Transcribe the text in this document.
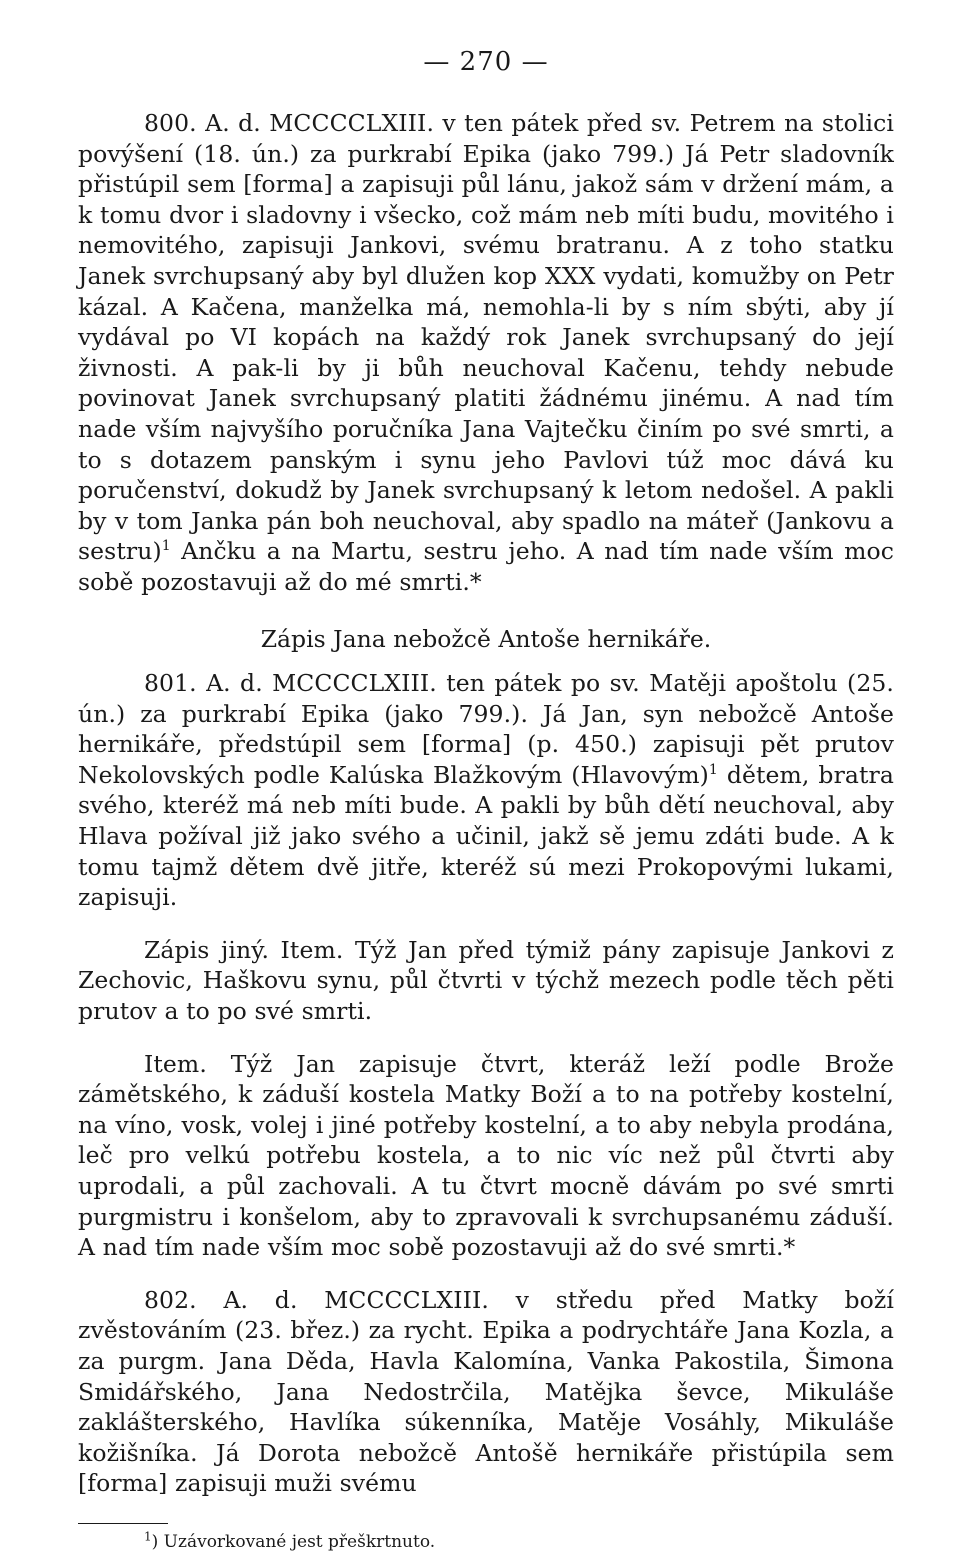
— 270 —

800. A. d. MCCCCLXIII. v ten pátek před sv. Petrem na stolici povýšení (18. ún.) za purkrabí Epika (jako 799.) Já Petr sladovník přistúpil sem [forma] a zapisuji půl lánu, jakož sám v držení mám, a k tomu dvor i sladovny i všecko, což mám neb míti budu, movitého i nemovitého, zapisuji Jankovi, svému bratranu. A z toho statku Janek svrchupsaný aby byl dlužen kop XXX vydati, komužby on Petr kázal. A Kačena, manželka má, nemohla-li by s ním sbýti, aby jí vydával po VI kopách na každý rok Janek svrchupsaný do její živnosti. A pak-li by ji bůh neuchoval Kačenu, tehdy nebude povinovat Janek svrchupsaný platiti žádnému jinému. A nad tím nade vším najvyšího poručníka Jana Vajtečku činím po své smrti, a to s dotazem panským i synu jeho Pavlovi túž moc dává ku poručenství, dokudž by Janek svrchupsaný k letom nedošel. A pakli by v tom Janka pán boh neuchoval, aby spadlo na máteř (Jankovu a sestru)$^1$ Ančku a na Martu, sestru jeho. A nad tím nade vším moc sobě pozostavuji až do mé smrti.*

Zápis Jana nebožcě Antoše hernikáře.

801. A. d. MCCCCLXIII. ten pátek po sv. Matěji apoštolu (25. ún.) za purkrabí Epika (jako 799.). Já Jan, syn nebožcě Antoše hernikáře, předstúpil sem [forma] (p. 450.) zapisuji pět prutov Nekolovských podle Kalúska Blažkovým (Hlavovým)$^1$ dětem, bratra svého, kteréž má neb míti bude. A pakli by bůh dětí neuchoval, aby Hlava požíval již jako svého a učinil, jakž sě jemu zdáti bude. A k tomu tajmž dětem dvě jitře, kteréž sú mezi Prokopovými lukami, zapisuji.

Zápis jiný. Item. Týž Jan před týmiž pány zapisuje Jankovi z Zechovic, Haškovu synu, půl čtvrti v týchž mezech podle těch pěti prutov a to po své smrti.

Item. Týž Jan zapisuje čtvrt, kteráž leží podle Brože zámětského, k záduší kostela Matky Boží a to na potřeby kostelní, na víno, vosk, volej i jiné potřeby kostelní, a to aby nebyla prodána, leč pro velkú potřebu kostela, a to nic víc než půl čtvrti aby uprodali, a půl zachovali. A tu čtvrt mocně dávám po své smrti purgmistru i konšelom, aby to zpravovali k svrchupsanému záduší. A nad tím nade vším moc sobě pozostavuji až do své smrti.*

802. A. d. MCCCCLXIII. v středu před Matky boží zvěstováním (23. břez.) za rycht. Epika a podrychtáře Jana Kozla, a za purgm. Jana Děda, Havla Kalomína, Vanka Pakostila, Šimona Smidářského, Jana Nedostrčila, Matějka ševce, Mikuláše zaklášterského, Havlíka súkenníka, Matěje Vosáhly, Mikuláše kožišníka. Já Dorota nebožcě Antošě hernikáře přistúpila sem [forma] zapisuji muži svému

$^1$) Uzávorkované jest přeškrtnuto.
